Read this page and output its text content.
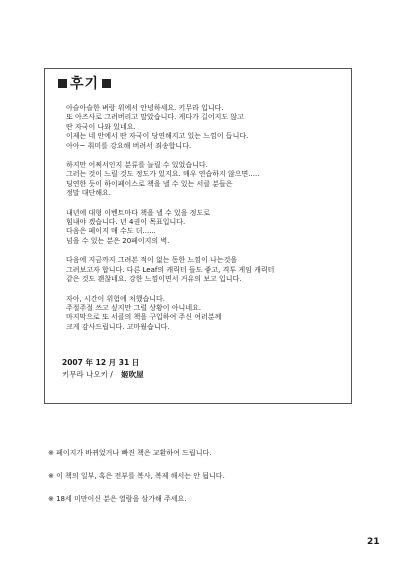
후기
아슬아슬한 벼랑 위에서 안녕하세요. 키무라 입니다.
또 아즈사로 그려버리고 말았습니다. 게다가 길어지도 않고
딴 자국이 나와 있네요.
이제는 네 안에서 딴 자국이 당연해지고 있는 느낌이 듭니다.
아아~ 취미를 강요해 버려서 죄송합니다.
하지만 어쩌서인지 분류를 늘릴 수 있었습니다.
그러는 것이 느릴 것도 정도가 있지요. 매우 연습하지 않으면.....
딩연한 듯이 하이페이스로 책을 낼 수 있는 서클 분들은
정말 대단해요.
내년에 대형 이벤트마다 책을 낼 수 있을 정도로
힘내야 겠습니다. 년 4권이 목표입니다.
다음은 페이지 매 수도 더......
넘을 수 있는 분은 20페이지의 벽.
다음에 지금까지 그려본 적이 없는 동한 느낌이 나는것을
그려보고자 합니다. 다른 Leaf의 캐릭터 들도 좋고, 격투 게임 캐릭터
같은 것도 괜찮네요. 강한 느낌이면서 거유의 보고 입니다.
자아, 시간이 위험에 처했습니다.
주절주절 쓰고 싶지만 그럴 상황이 아니네요.
마지막으로 또 서클의 책을 구입하여 주신 여러분께
크게 감사드립니다. 고마웠습니다.
2007 年 12 月 31 日
키무라 나오키 / 姬吹屋
※ 페이지가 바뀌었거나 빠진 책은 교환하여 드립니다.
※ 이 책의 일부, 혹은 전부를 복사, 복제 해서는 안 됩니다.
※ 18세 미만이신 분은 열람을 삼가해 주세요.
21
